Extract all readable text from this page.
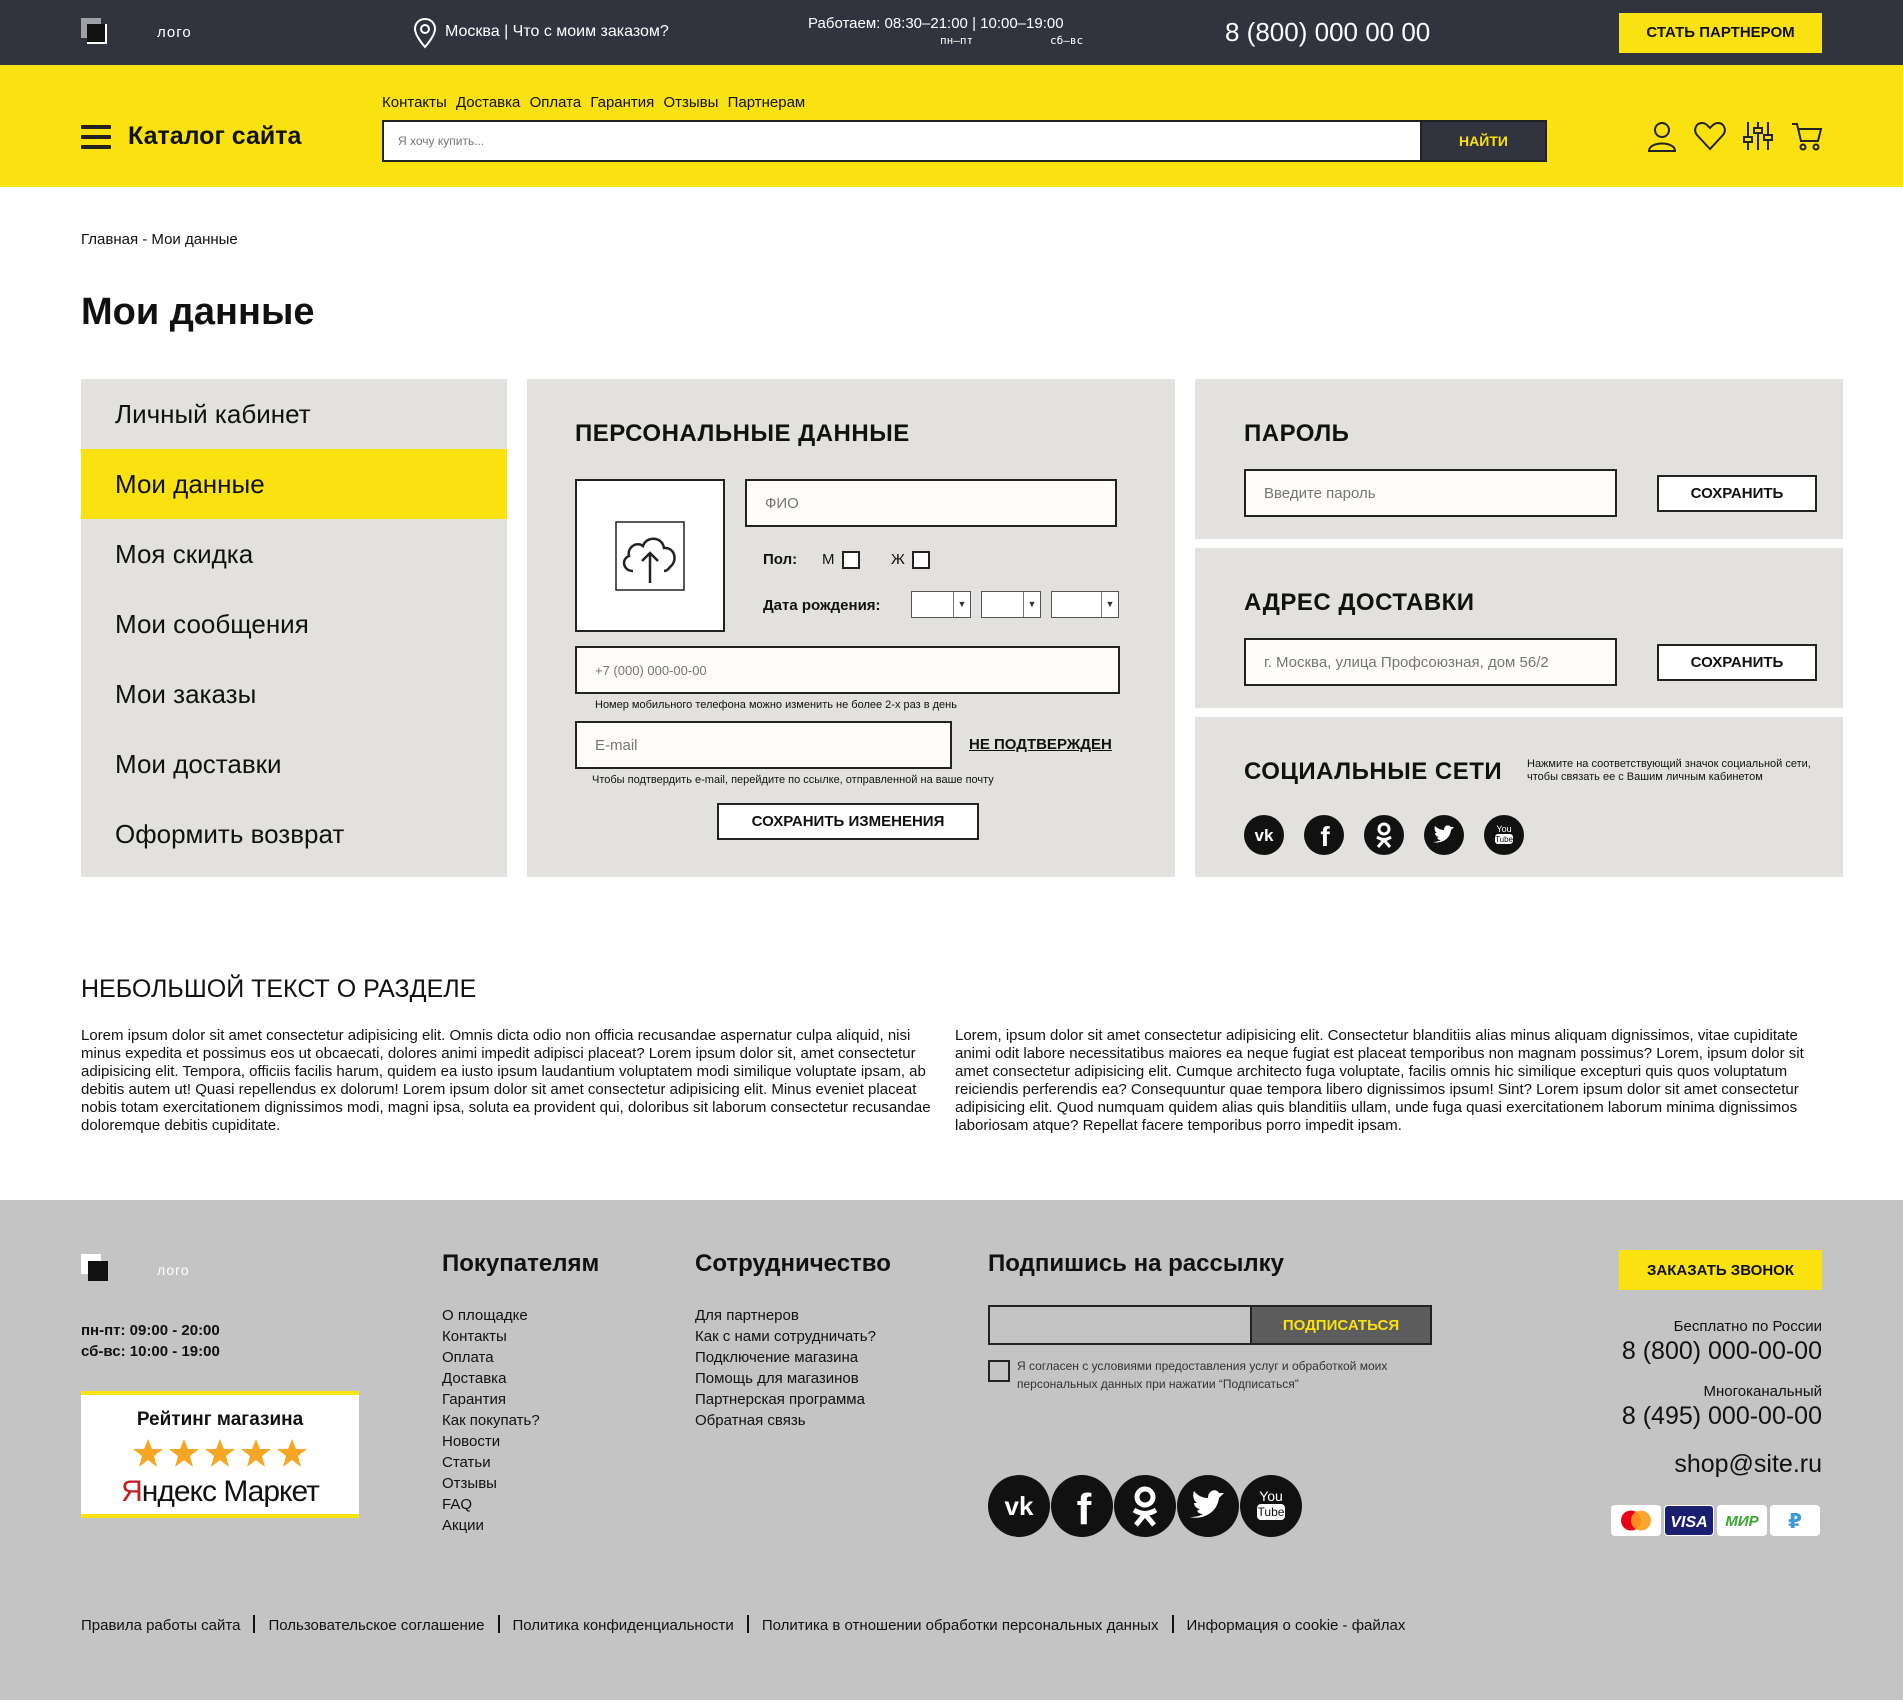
лого	Москва | Что с моим заказом?	Работаем: 08:30–21:00 | 10:00–19:00
пн–пт	сб–вс	8 (800) 000 00 00	СТАТЬ ПАРТНЕРОМ
Каталог сайта
Контакты Доставка Оплата Гарантия Отзывы Партнерам
Я хочу купить...
НАЙТИ
Главная - Мои данные
Мои данные
Личный кабинет
Мои данные
Моя скидка
Мои сообщения
Мои заказы
Мои доставки
Оформить возврат
ПЕРСОНАЛЬНЫЕ ДАННЫЕ
ФИО
Пол: М	Ж
Дата рождения:	▼	▼	▼
+7 (000) 000-00-00
Номер мобильного телефона можно изменить не более 2-х раз в день
E-mail
НЕ ПОДТВЕРЖДЕН
Чтобы подтвердить e-mail, перейдите по ссылке, отправленной на ваше почту
СОХРАНИТЬ ИЗМЕНЕНИЯ
ПАРОЛЬ
СОХРАНИТЬ
АДРЕС ДОСТАВКИ
г. Москва, улица Профсоюзная, дом 56/2
СОХРАНИТЬ
СОЦИАЛЬНЫЕ СЕТИ Нажмите на соответствующий значок социальной сети, чтобы связать ее с Вашим личным кабинетом
vk f	You
Tube
НЕБОЛЬШОЙ ТЕКСТ О РАЗДЕЛЕ

Lorem ipsum dolor sit amet consectetur adipisicing elit. Omnis dicta odio non officia recusandae aspernatur culpa aliquid, nisi minus expedita et possimus eos ut obcaecati, dolores animi impedit adipisci placeat? Lorem ipsum dolor sit, amet consectetur adipisicing elit. Tempora, officiis facilis harum, quidem ea iusto ipsum laudantium voluptatem modi similique voluptate ipsam, ab debitis autem ut! Quasi repellendus ex dolorum! Lorem ipsum dolor sit amet consectetur adipisicing elit. Minus eveniet placeat nobis totam exercitationem dignissimos modi, magni ipsa, soluta ea provident qui, doloribus sit laborum consectetur recusandae doloremque debitis cupiditate.

Lorem, ipsum dolor sit amet consectetur adipisicing elit. Consectetur blanditiis alias minus aliquam dignissimos, vitae cupiditate animi odit labore necessitatibus maiores ea neque fugiat est placeat temporibus non magnam possimus? Lorem, ipsum dolor sit amet consectetur adipisicing elit. Cumque architecto fuga voluptate, facilis omnis hic similique excepturi quis quos voluptatum reiciendis perferendis ea? Consequuntur quae tempora libero dignissimos ipsum! Sint? Lorem ipsum dolor sit amet consectetur adipisicing elit. Quod numquam quidem alias quis blanditiis ullam, unde fuga quasi exercitationem laborum minima dignissimos laboriosam atque? Repellat facere temporibus porro impedit ipsam.

лого
пн-пт: 09:00 - 20:00
сб-вс: 10:00 - 19:00
Рейтинг магазина
Яндекс Маркет
Покупателям
О площадке
Контакты
Оплата
Доставка
Гарантия
Как покупать?
Новости
Статьи
Отзывы
FAQ
Акции
Сотрудничество
Для партнеров
Как с нами сотрудничать?
Подключение магазина
Помощь для магазинов
Партнерская программа
Обратная связь
Подпишись на рассылку
ПОДПИСАТЬСЯ
Я согласен с условиями предоставления услуг и обработкой моих персональных данных при нажатии “Подписаться”
vk f	You
Tube
ЗАКАЗАТЬ ЗВОНОК
Бесплатно по России
8 (800) 000-00-00
Многоканальный
8 (495) 000-00-00
shop@site.ru
VISA МИР ₽
Правила работы сайта Пользовательское соглашение Политика конфиденциальности Политика в отношении обработки персональных данных Информация о cookie - файлах
